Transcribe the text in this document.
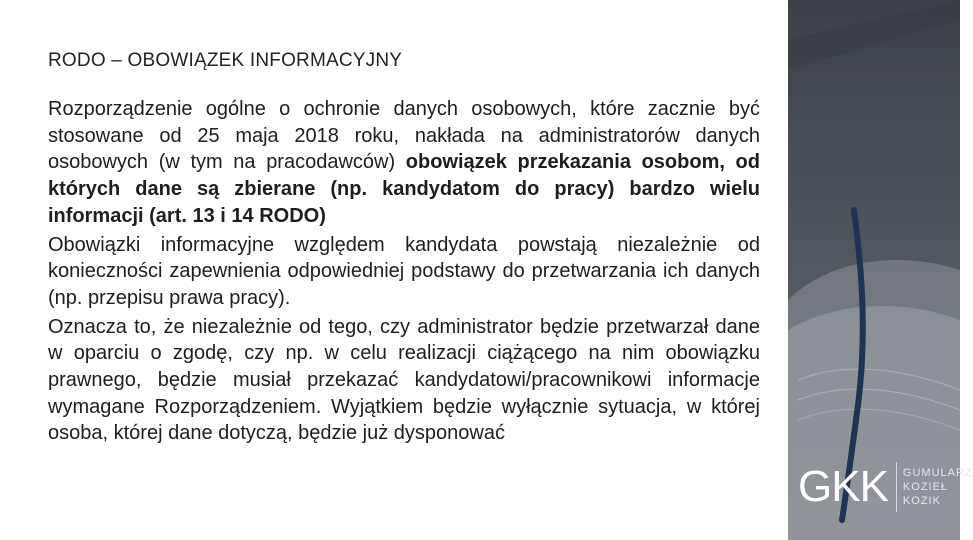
RODO – OBOWIĄZEK INFORMACYJNY

Rozporządzenie ogólne o ochronie danych osobowych, które zacznie być stosowane od 25 maja 2018 roku, nakłada na administratorów danych osobowych (w tym na pracodawców) obowiązek przekazania osobom, od których dane są zbierane (np. kandydatom do pracy) bardzo wielu informacji (art. 13 i 14 RODO)

Obowiązki informacyjne względem kandydata powstają niezależnie od konieczności zapewnienia odpowiedniej podstawy do przetwarzania ich danych (np. przepisu prawa pracy).

Oznacza to, że niezależnie od tego, czy administrator będzie przetwarzał dane w oparciu o zgodę, czy np. w celu realizacji ciążącego na nim obowiązku prawnego, będzie musiał przekazać kandydatowi/pracownikowi informacje wymagane Rozporządzeniem. Wyjątkiem będzie wyłącznie sytuacja, w której osoba, której dane dotyczą, będzie już dysponować

GKK GUMULARZ
KOZIEŁ
KOZIK
